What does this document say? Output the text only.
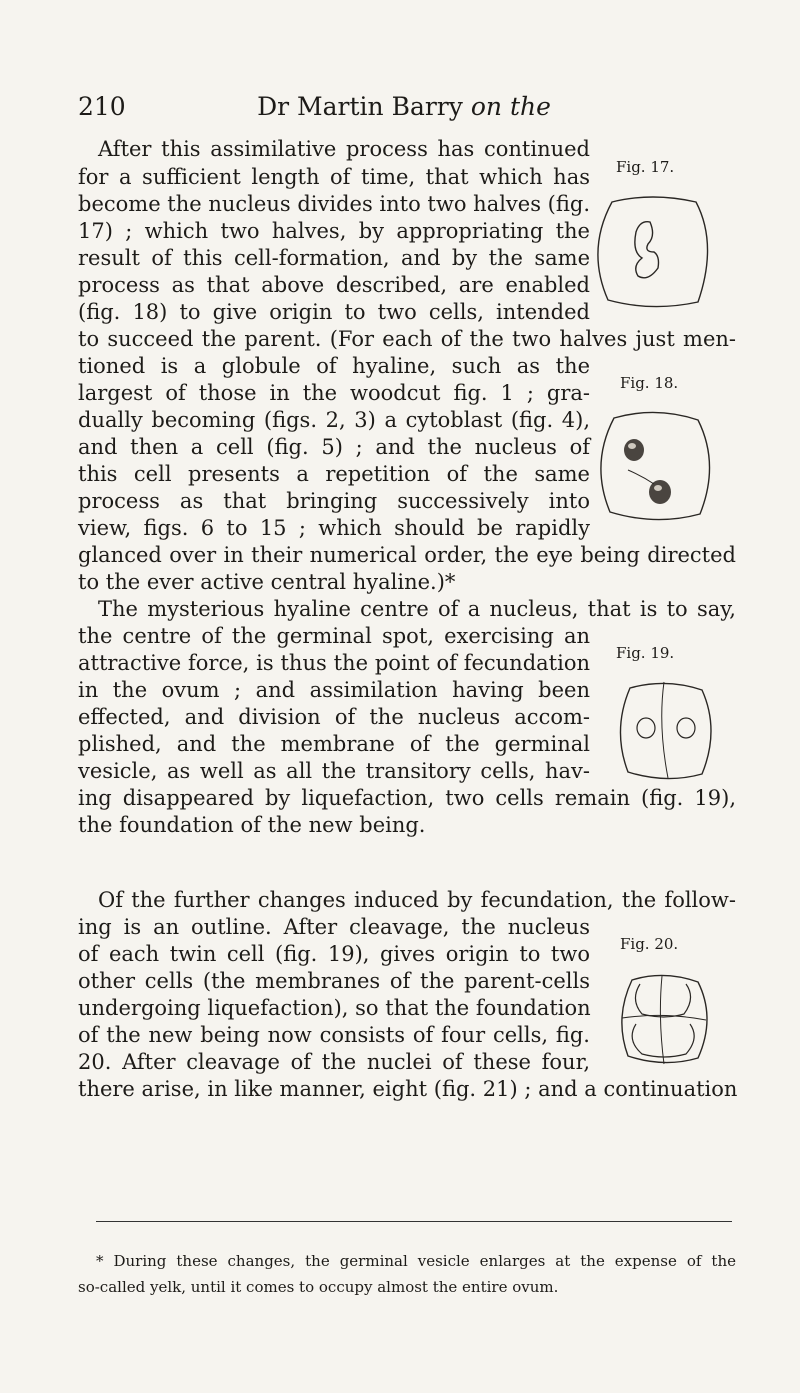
210	Dr Martin Barry on the
After this assimilative process has continued
for a sufficient length of time, that which has
become the nucleus divides into two halves (fig.
17) ; which two halves, by appropriating the
result of this cell-formation, and by the same
process as that above described, are enabled
(fig. 18) to give origin to two cells, intended
to succeed the parent. (For each of the two halves just men-
tioned is a globule of hyaline, such as the
largest of those in the woodcut fig. 1 ; gra-
dually becoming (figs. 2, 3) a cytoblast (fig. 4),
and then a cell (fig. 5) ; and the nucleus of
this cell presents a repetition of the same
process as that bringing successively into
view, figs. 6 to 15 ; which should be rapidly
glanced over in their numerical order, the eye being directed
to the ever active central hyaline.)*
The mysterious hyaline centre of a nucleus, that is to say,
the centre of the germinal spot, exercising an
attractive force, is thus the point of fecundation
in the ovum ; and assimilation having been
effected, and division of the nucleus accom-
plished, and the membrane of the germinal
vesicle, as well as all the transitory cells, hav-
ing disappeared by liquefaction, two cells remain (fig. 19),
the foundation of the new being.
Of the further changes induced by fecundation, the follow-
ing is an outline. After cleavage, the nucleus
of each twin cell (fig. 19), gives origin to two
other cells (the membranes of the parent-cells
undergoing liquefaction), so that the foundation
of the new being now consists of four cells, fig.
20. After cleavage of the nuclei of these four,
there arise, in like manner, eight (fig. 21) ; and a continuation
Fig. 17.
Fig. 18.
Fig. 19.
Fig. 20.
* During these changes, the germinal vesicle enlarges at the expense of the
so-called yelk, until it comes to occupy almost the entire ovum.
